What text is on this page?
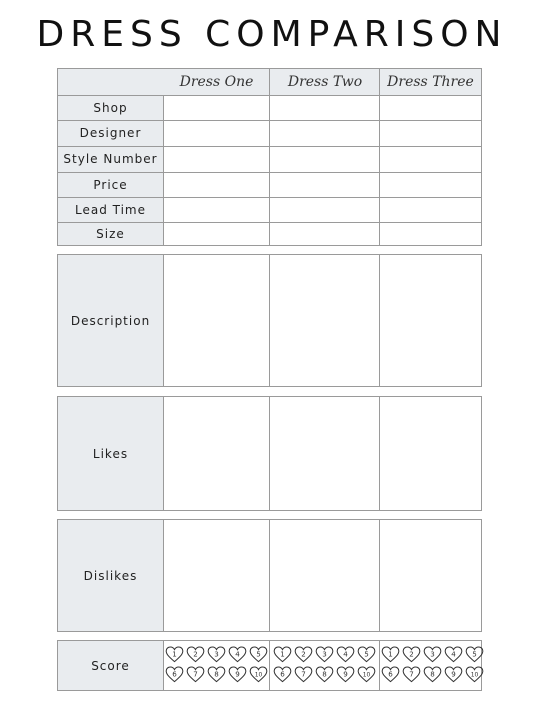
DRESS COMPARISON
Dress One	Dress Two	Dress Three
Shop
Designer
Style Number
Price
Lead Time
Size
Description
Likes
Dislikes
Score
1 2 3 4 5
6 7 8 9 10
1 2 3 4 5
6 7 8 9 10
1 2 3 4 5
6 7 8 9 10
